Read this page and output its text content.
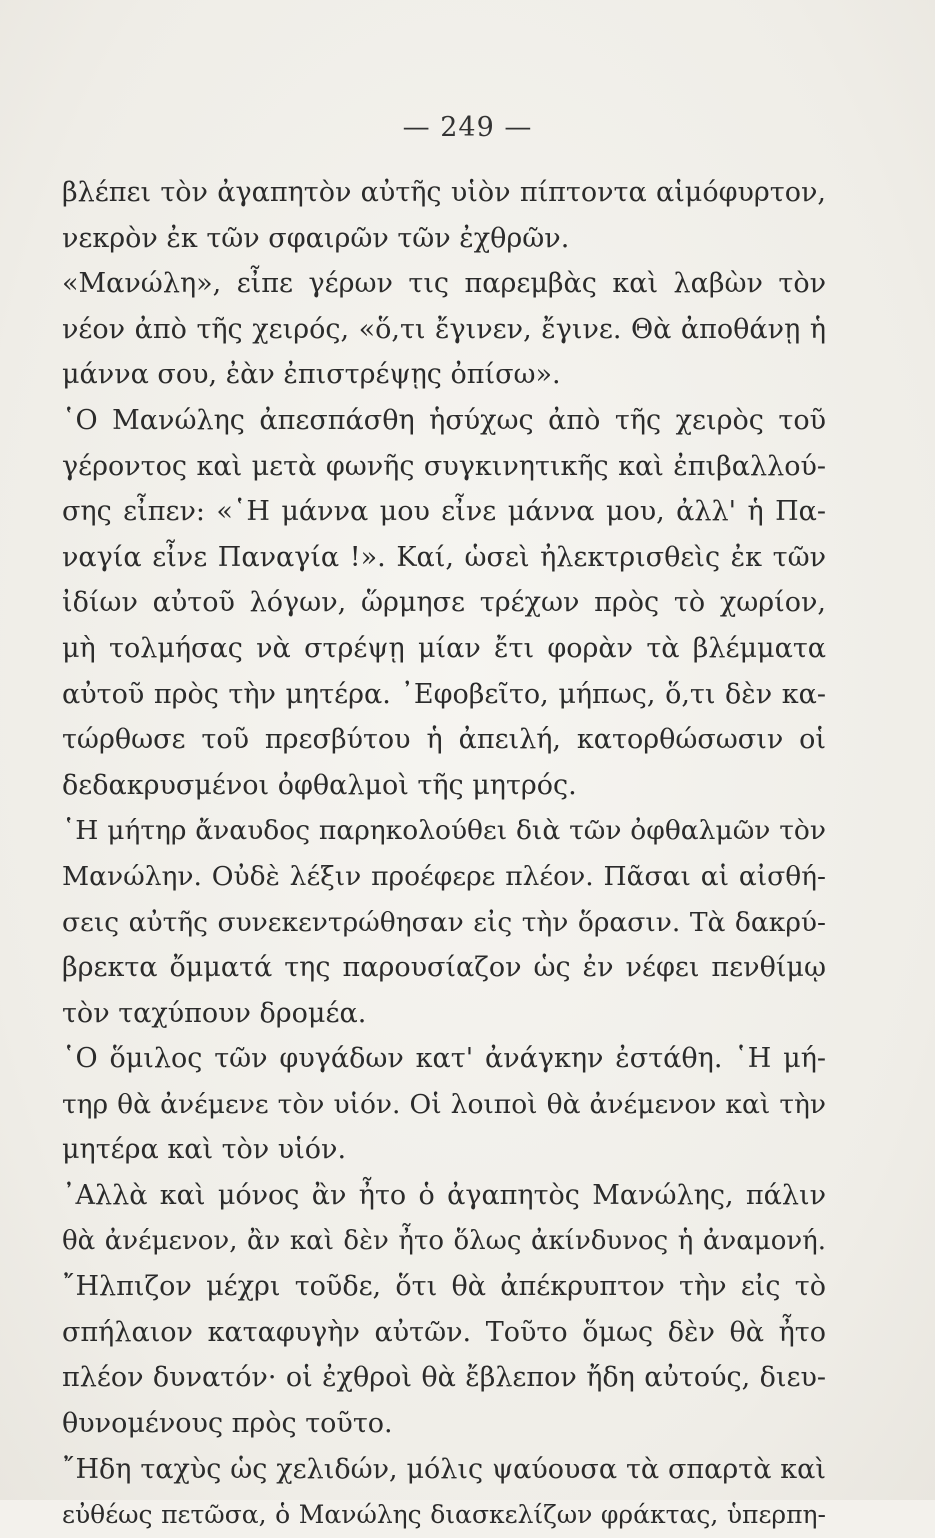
— 249 —
βλέπει τὸν ἀγαπητὸν αὐτῆς υἱὸν πίπτοντα αἱμόφυρτον,
νεκρὸν ἐκ τῶν σφαιρῶν τῶν ἐχθρῶν.
«Μανώλη», εἶπε γέρων τις παρεμβὰς καὶ λαβὼν τὸν
νέον ἀπὸ τῆς χειρός, «ὅ,τι ἔγινεν, ἔγινε. Θὰ ἀποθάνῃ ἡ
μάννα σου, ἐὰν ἐπιστρέψῃς ὀπίσω».
῾Ο Μανώλης ἀπεσπάσθη ἡσύχως ἀπὸ τῆς χειρὸς τοῦ
γέροντος καὶ μετὰ φωνῆς συγκινητικῆς καὶ ἐπιβαλλού-
σης εἶπεν: «῾Η μάννα μου εἶνε μάννα μου, ἀλλ' ἡ Πα-
ναγία εἶνε Παναγία !». Καί, ὡσεὶ ἠλεκτρισθεὶς ἐκ τῶν
ἰδίων αὐτοῦ λόγων, ὥρμησε τρέχων πρὸς τὸ χωρίον,
μὴ τολμήσας νὰ στρέψῃ μίαν ἔτι φορὰν τὰ βλέμματα
αὐτοῦ πρὸς τὴν μητέρα. ᾿Εφοβεῖτο, μήπως, ὅ,τι δὲν κα-
τώρθωσε τοῦ πρεσβύτου ἡ ἀπειλή, κατορθώσωσιν οἱ
δεδακρυσμένοι ὀφθαλμοὶ τῆς μητρός.
῾Η μήτηρ ἄναυδος παρηκολούθει διὰ τῶν ὀφθαλμῶν τὸν
Μανώλην. Οὐδὲ λέξιν προέφερε πλέον. Πᾶσαι αἱ αἰσθή-
σεις αὐτῆς συνεκεντρώθησαν εἰς τὴν ὅρασιν. Τὰ δακρύ-
βρεκτα ὄμματά της παρουσίαζον ὡς ἐν νέφει πενθίμῳ
τὸν ταχύπουν δρομέα.
῾Ο ὅμιλος τῶν φυγάδων κατ' ἀνάγκην ἐστάθη. ῾Η μή-
τηρ θὰ ἀνέμενε τὸν υἱόν. Οἱ λοιποὶ θὰ ἀνέμενον καὶ τὴν
μητέρα καὶ τὸν υἱόν.
᾿Αλλὰ καὶ μόνος ἂν ἦτο ὁ ἀγαπητὸς Μανώλης, πάλιν
θὰ ἀνέμενον, ἂν καὶ δὲν ἦτο ὅλως ἀκίνδυνος ἡ ἀναμονή.
῎Ηλπιζον μέχρι τοῦδε, ὅτι θὰ ἀπέκρυπτον τὴν εἰς τὸ
σπήλαιον καταφυγὴν αὐτῶν. Τοῦτο ὅμως δὲν θὰ ἦτο
πλέον δυνατόν· οἱ ἐχθροὶ θὰ ἔβλεπον ἤδη αὐτούς, διευ-
θυνομένους πρὸς τοῦτο.
῎Ηδη ταχὺς ὡς χελιδών, μόλις ψαύουσα τὰ σπαρτὰ καὶ
εὐθέως πετῶσα, ὁ Μανώλης διασκελίζων φράκτας, ὑπερπη-
